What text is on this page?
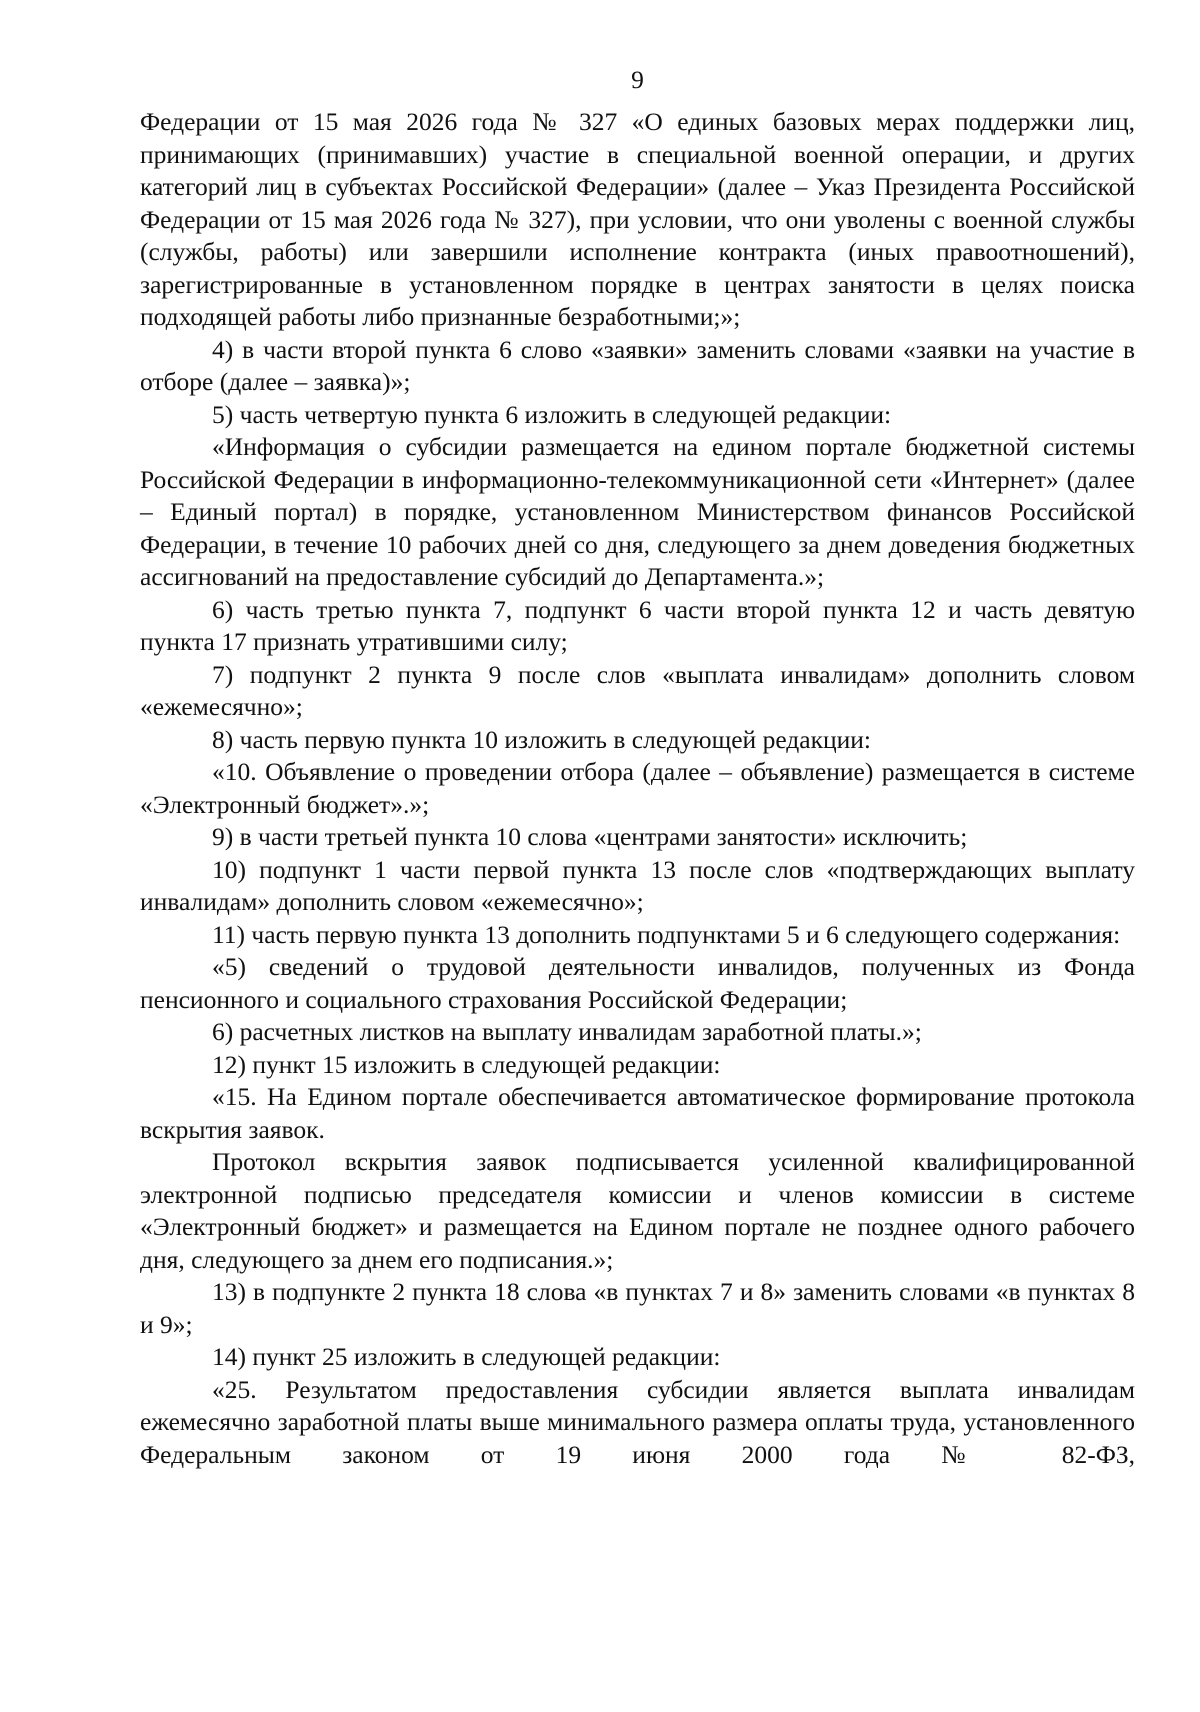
9

Федерации от 15 мая 2026 года № 327 «О единых базовых мерах поддержки лиц, принимающих (принимавших) участие в специальной военной операции, и других категорий лиц в субъектах Российской Федерации» (далее – Указ Президента Российской Федерации от 15 мая 2026 года № 327), при условии, что они уволены с военной службы (службы, работы) или завершили исполнение контракта (иных правоотношений), зарегистрированные в установленном порядке в центрах занятости в целях поиска подходящей работы либо признанные безработными;»;

4) в части второй пункта 6 слово «заявки» заменить словами «заявки на участие в отборе (далее – заявка)»;

5) часть четвертую пункта 6 изложить в следующей редакции:

«Информация о субсидии размещается на едином портале бюджетной системы Российской Федерации в информационно-телекоммуникационной сети «Интернет» (далее – Единый портал) в порядке, установленном Министерством финансов Российской Федерации, в течение 10 рабочих дней со дня, следующего за днем доведения бюджетных ассигнований на предоставление субсидий до Департамента.»;

6) часть третью пункта 7, подпункт 6 части второй пункта 12 и часть девятую пункта 17 признать утратившими силу;

7) подпункт 2 пункта 9 после слов «выплата инвалидам» дополнить словом «ежемесячно»;

8) часть первую пункта 10 изложить в следующей редакции:

«10. Объявление о проведении отбора (далее – объявление) размещается в системе «Электронный бюджет».»;

9) в части третьей пункта 10 слова «центрами занятости» исключить;

10) подпункт 1 части первой пункта 13 после слов «подтверждающих выплату инвалидам» дополнить словом «ежемесячно»;

11) часть первую пункта 13 дополнить подпунктами 5 и 6 следующего содержания:

«5) сведений о трудовой деятельности инвалидов, полученных из Фонда пенсионного и социального страхования Российской Федерации;

6) расчетных листков на выплату инвалидам заработной платы.»;

12) пункт 15 изложить в следующей редакции:

«15. На Едином портале обеспечивается автоматическое формирование протокола вскрытия заявок.

Протокол вскрытия заявок подписывается усиленной квалифицированной электронной подписью председателя комиссии и членов комиссии в системе «Электронный бюджет» и размещается на Едином портале не позднее одного рабочего дня, следующего за днем его подписания.»;

13) в подпункте 2 пункта 18 слова «в пунктах 7 и 8» заменить словами «в пунктах 8 и 9»;

14) пункт 25 изложить в следующей редакции:

«25. Результатом предоставления субсидии является выплата инвалидам ежемесячно заработной платы выше минимального размера оплаты труда, установленного Федеральным законом от 19 июня 2000 года № 82-ФЗ,
